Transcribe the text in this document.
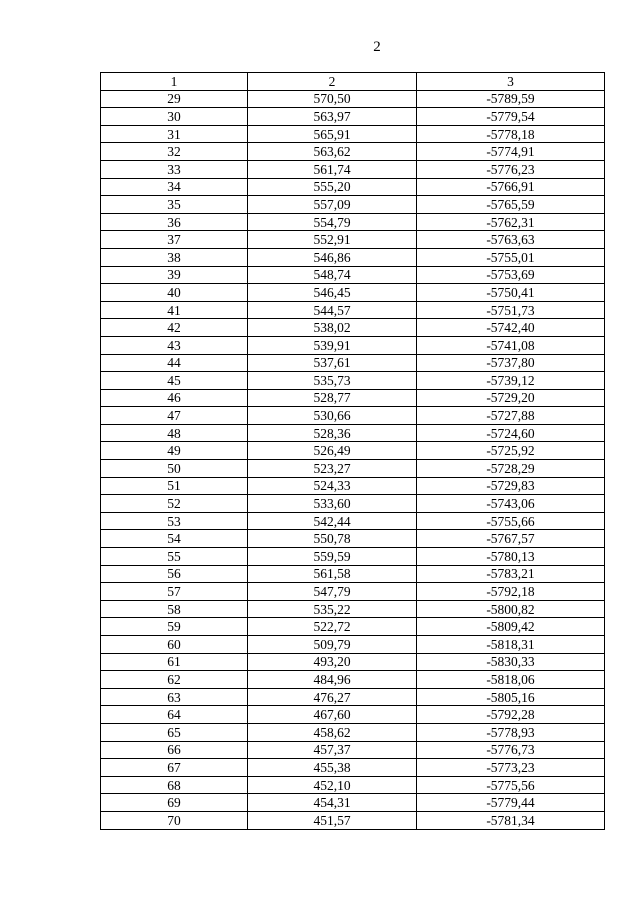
2
1	2	3
29	570,50	-5789,59
30	563,97	-5779,54
31	565,91	-5778,18
32	563,62	-5774,91
33	561,74	-5776,23
34	555,20	-5766,91
35	557,09	-5765,59
36	554,79	-5762,31
37	552,91	-5763,63
38	546,86	-5755,01
39	548,74	-5753,69
40	546,45	-5750,41
41	544,57	-5751,73
42	538,02	-5742,40
43	539,91	-5741,08
44	537,61	-5737,80
45	535,73	-5739,12
46	528,77	-5729,20
47	530,66	-5727,88
48	528,36	-5724,60
49	526,49	-5725,92
50	523,27	-5728,29
51	524,33	-5729,83
52	533,60	-5743,06
53	542,44	-5755,66
54	550,78	-5767,57
55	559,59	-5780,13
56	561,58	-5783,21
57	547,79	-5792,18
58	535,22	-5800,82
59	522,72	-5809,42
60	509,79	-5818,31
61	493,20	-5830,33
62	484,96	-5818,06
63	476,27	-5805,16
64	467,60	-5792,28
65	458,62	-5778,93
66	457,37	-5776,73
67	455,38	-5773,23
68	452,10	-5775,56
69	454,31	-5779,44
70	451,57	-5781,34
